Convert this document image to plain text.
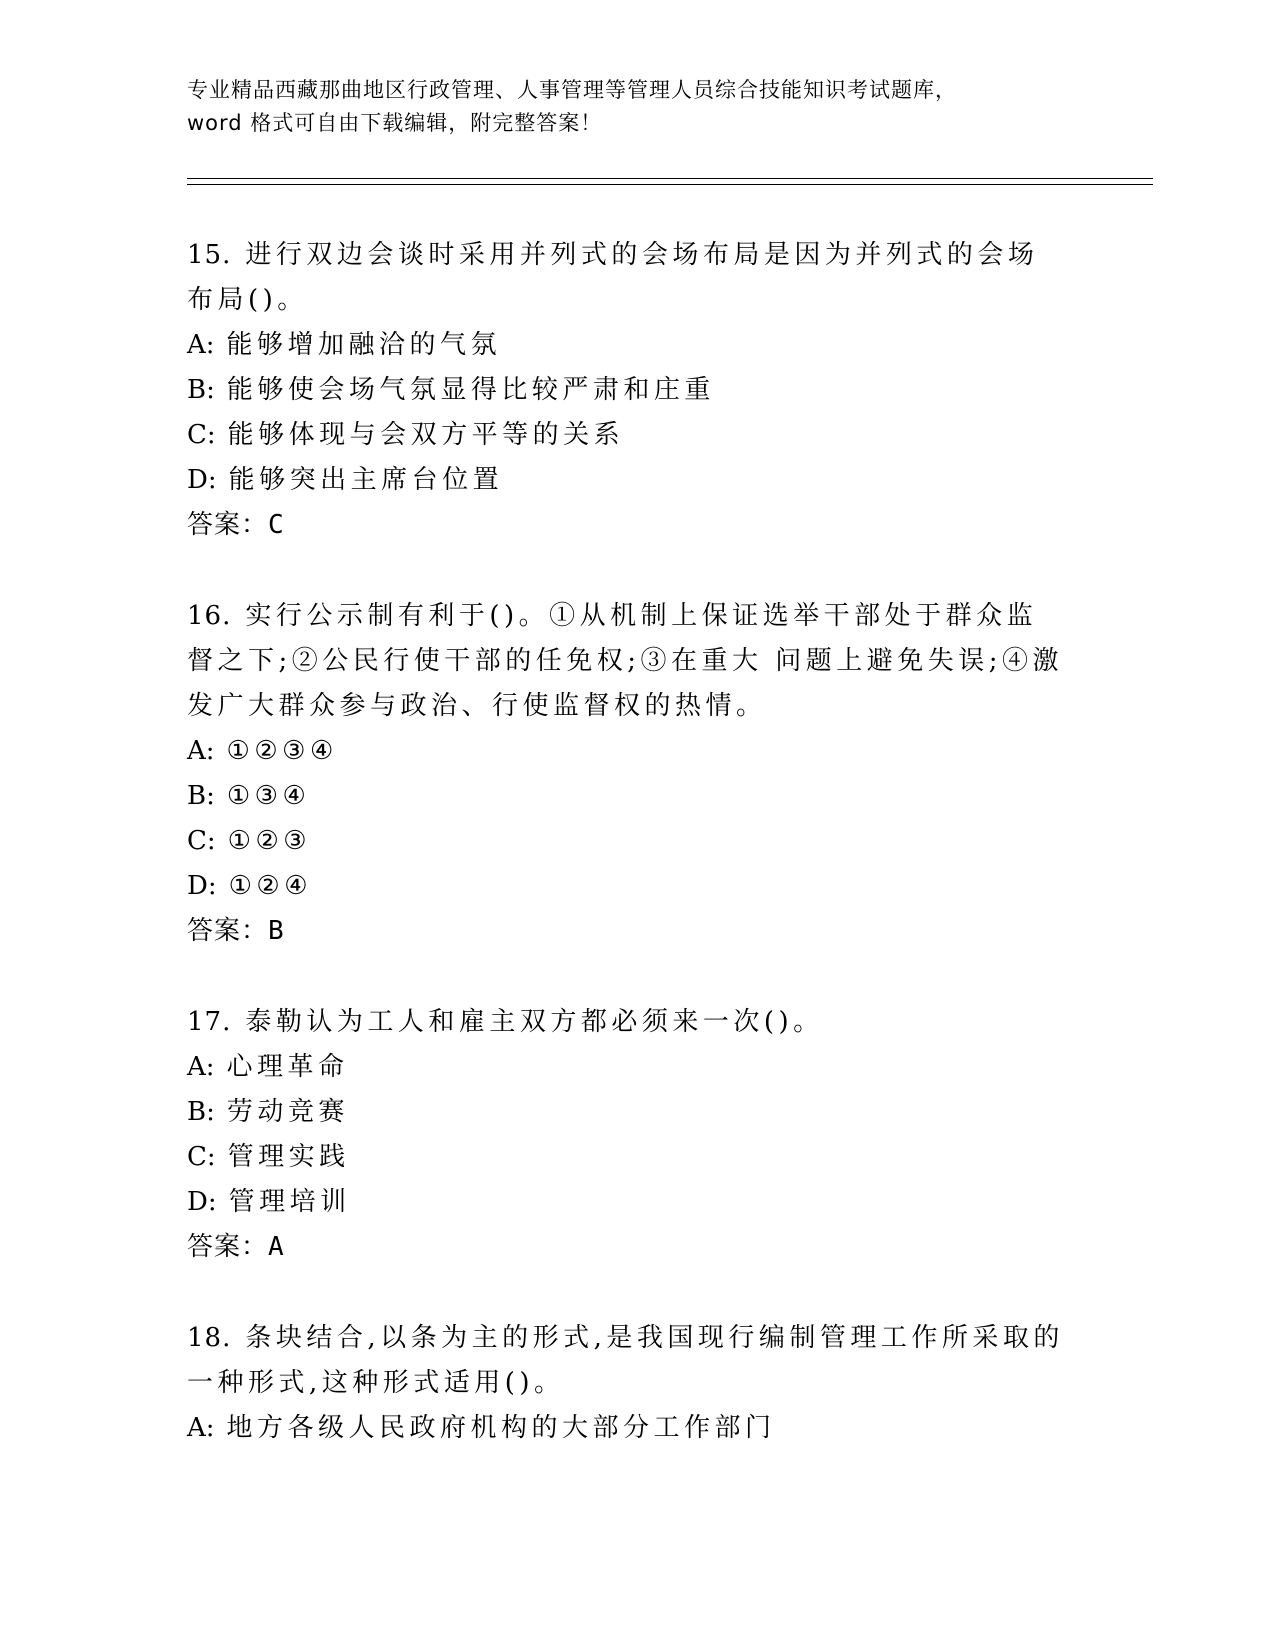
专业精品西藏那曲地区行政管理、人事管理等管理人员综合技能知识考试题库，
word 格式可自由下载编辑，附完整答案！

15. 进行双边会谈时采用并列式的会场布局是因为并列式的会场布局()。

A: 能够增加融洽的气氛
B: 能够使会场气氛显得比较严肃和庄重
C: 能够体现与会双方平等的关系
D: 能够突出主席台位置
答案：C

16. 实行公示制有利于()。①从机制上保证选举干部处于群众监督之下;②公民行使干部的任免权;③在重大 问题上避免失误;④激发广大群众参与政治、行使监督权的热情。

A: ①②③④
B: ①③④
C: ①②③
D: ①②④
答案：B

17. 泰勒认为工人和雇主双方都必须来一次()。

A: 心理革命
B: 劳动竞赛
C: 管理实践
D: 管理培训
答案：A

18. 条块结合,以条为主的形式,是我国现行编制管理工作所采取的一种形式,这种形式适用()。

A: 地方各级人民政府机构的大部分工作部门
